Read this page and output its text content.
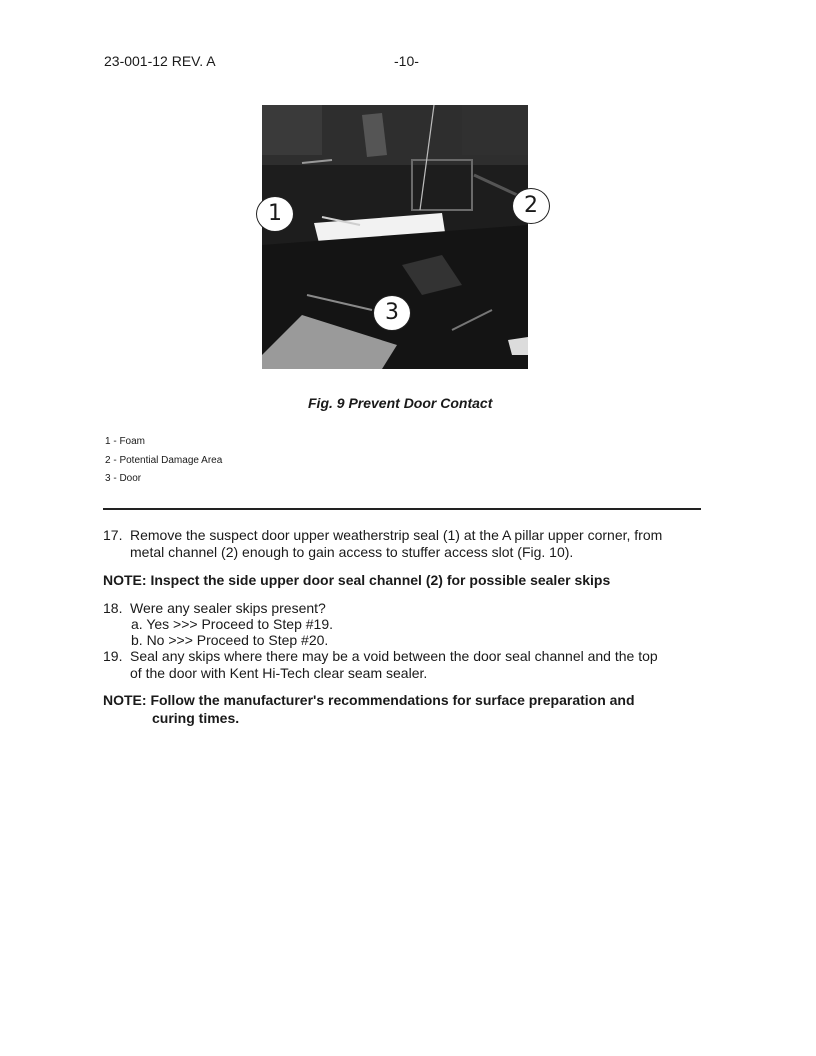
23-001-12 REV. A	-10-
1	2
3
Fig. 9 Prevent Door Contact
1 - Foam
2 - Potential Damage Area
3 - Door
17. Remove the suspect door upper weatherstrip seal (1) at the A pillar upper corner, from
metal channel (2) enough to gain access to stuffer access slot (Fig. 10).
NOTE: Inspect the side upper door seal channel (2) for possible sealer skips
18. Were any sealer skips present?
a. Yes >>> Proceed to Step #19.
b. No >>> Proceed to Step #20.
19. Seal any skips where there may be a void between the door seal channel and the top
of the door with Kent Hi-Tech clear seam sealer.
NOTE: Follow the manufacturer's recommendations for surface preparation and
curing times.
